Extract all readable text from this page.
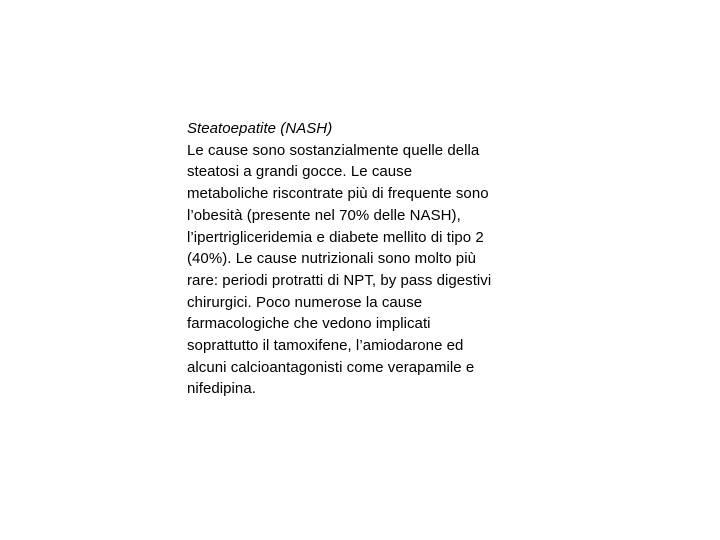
Steatoepatite (NASH)
Le cause sono sostanzialmente quelle della
steatosi a grandi gocce. Le cause
metaboliche riscontrate più di frequente sono
l’obesità (presente nel 70% delle NASH),
l’ipertrigliceridemia e diabete mellito di tipo 2
(40%). Le cause nutrizionali sono molto più
rare: periodi protratti di NPT, by pass digestivi
chirurgici. Poco numerose la cause
farmacologiche che vedono implicati
soprattutto il tamoxifene, l’amiodarone ed
alcuni calcioantagonisti come verapamile e
nifedipina.
